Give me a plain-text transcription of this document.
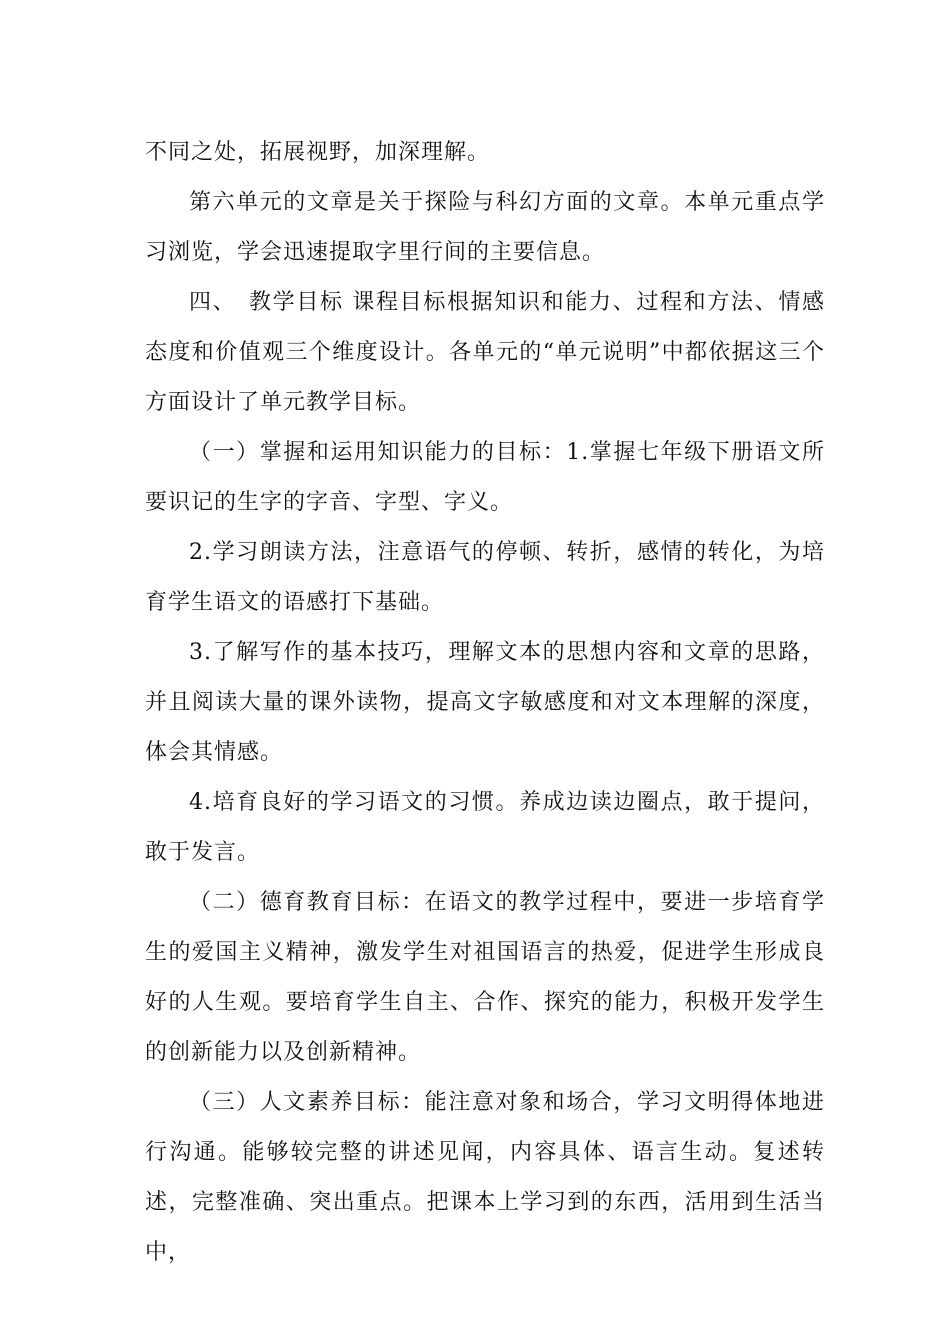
不同之处，拓展视野，加深理解。

第六单元的文章是关于探险与科幻方面的文章。本单元重点学习浏览，学会迅速提取字里行间的主要信息。

四、　教学目标 课程目标根据知识和能力、过程和方法、情感态度和价值观三个维度设计。各单元的“单元说明”中都依据这三个方面设计了单元教学目标。

（一）掌握和运用知识能力的目标：1.掌握七年级下册语文所要识记的生字的字音、字型、字义。

2.学习朗读方法，注意语气的停顿、转折，感情的转化，为培育学生语文的语感打下基础。

3.了解写作的基本技巧，理解文本的思想内容和文章的思路，并且阅读大量的课外读物，提高文字敏感度和对文本理解的深度，体会其情感。

4.培育良好的学习语文的习惯。养成边读边圈点，敢于提问，敢于发言。

（二）德育教育目标：在语文的教学过程中，要进一步培育学生的爱国主义精神，激发学生对祖国语言的热爱，促进学生形成良好的人生观。要培育学生自主、合作、探究的能力，积极开发学生的创新能力以及创新精神。

（三）人文素养目标：能注意对象和场合，学习文明得体地进行沟通。能够较完整的讲述见闻，内容具体、语言生动。复述转述，完整准确、突出重点。把课本上学习到的东西，活用到生活当中，
